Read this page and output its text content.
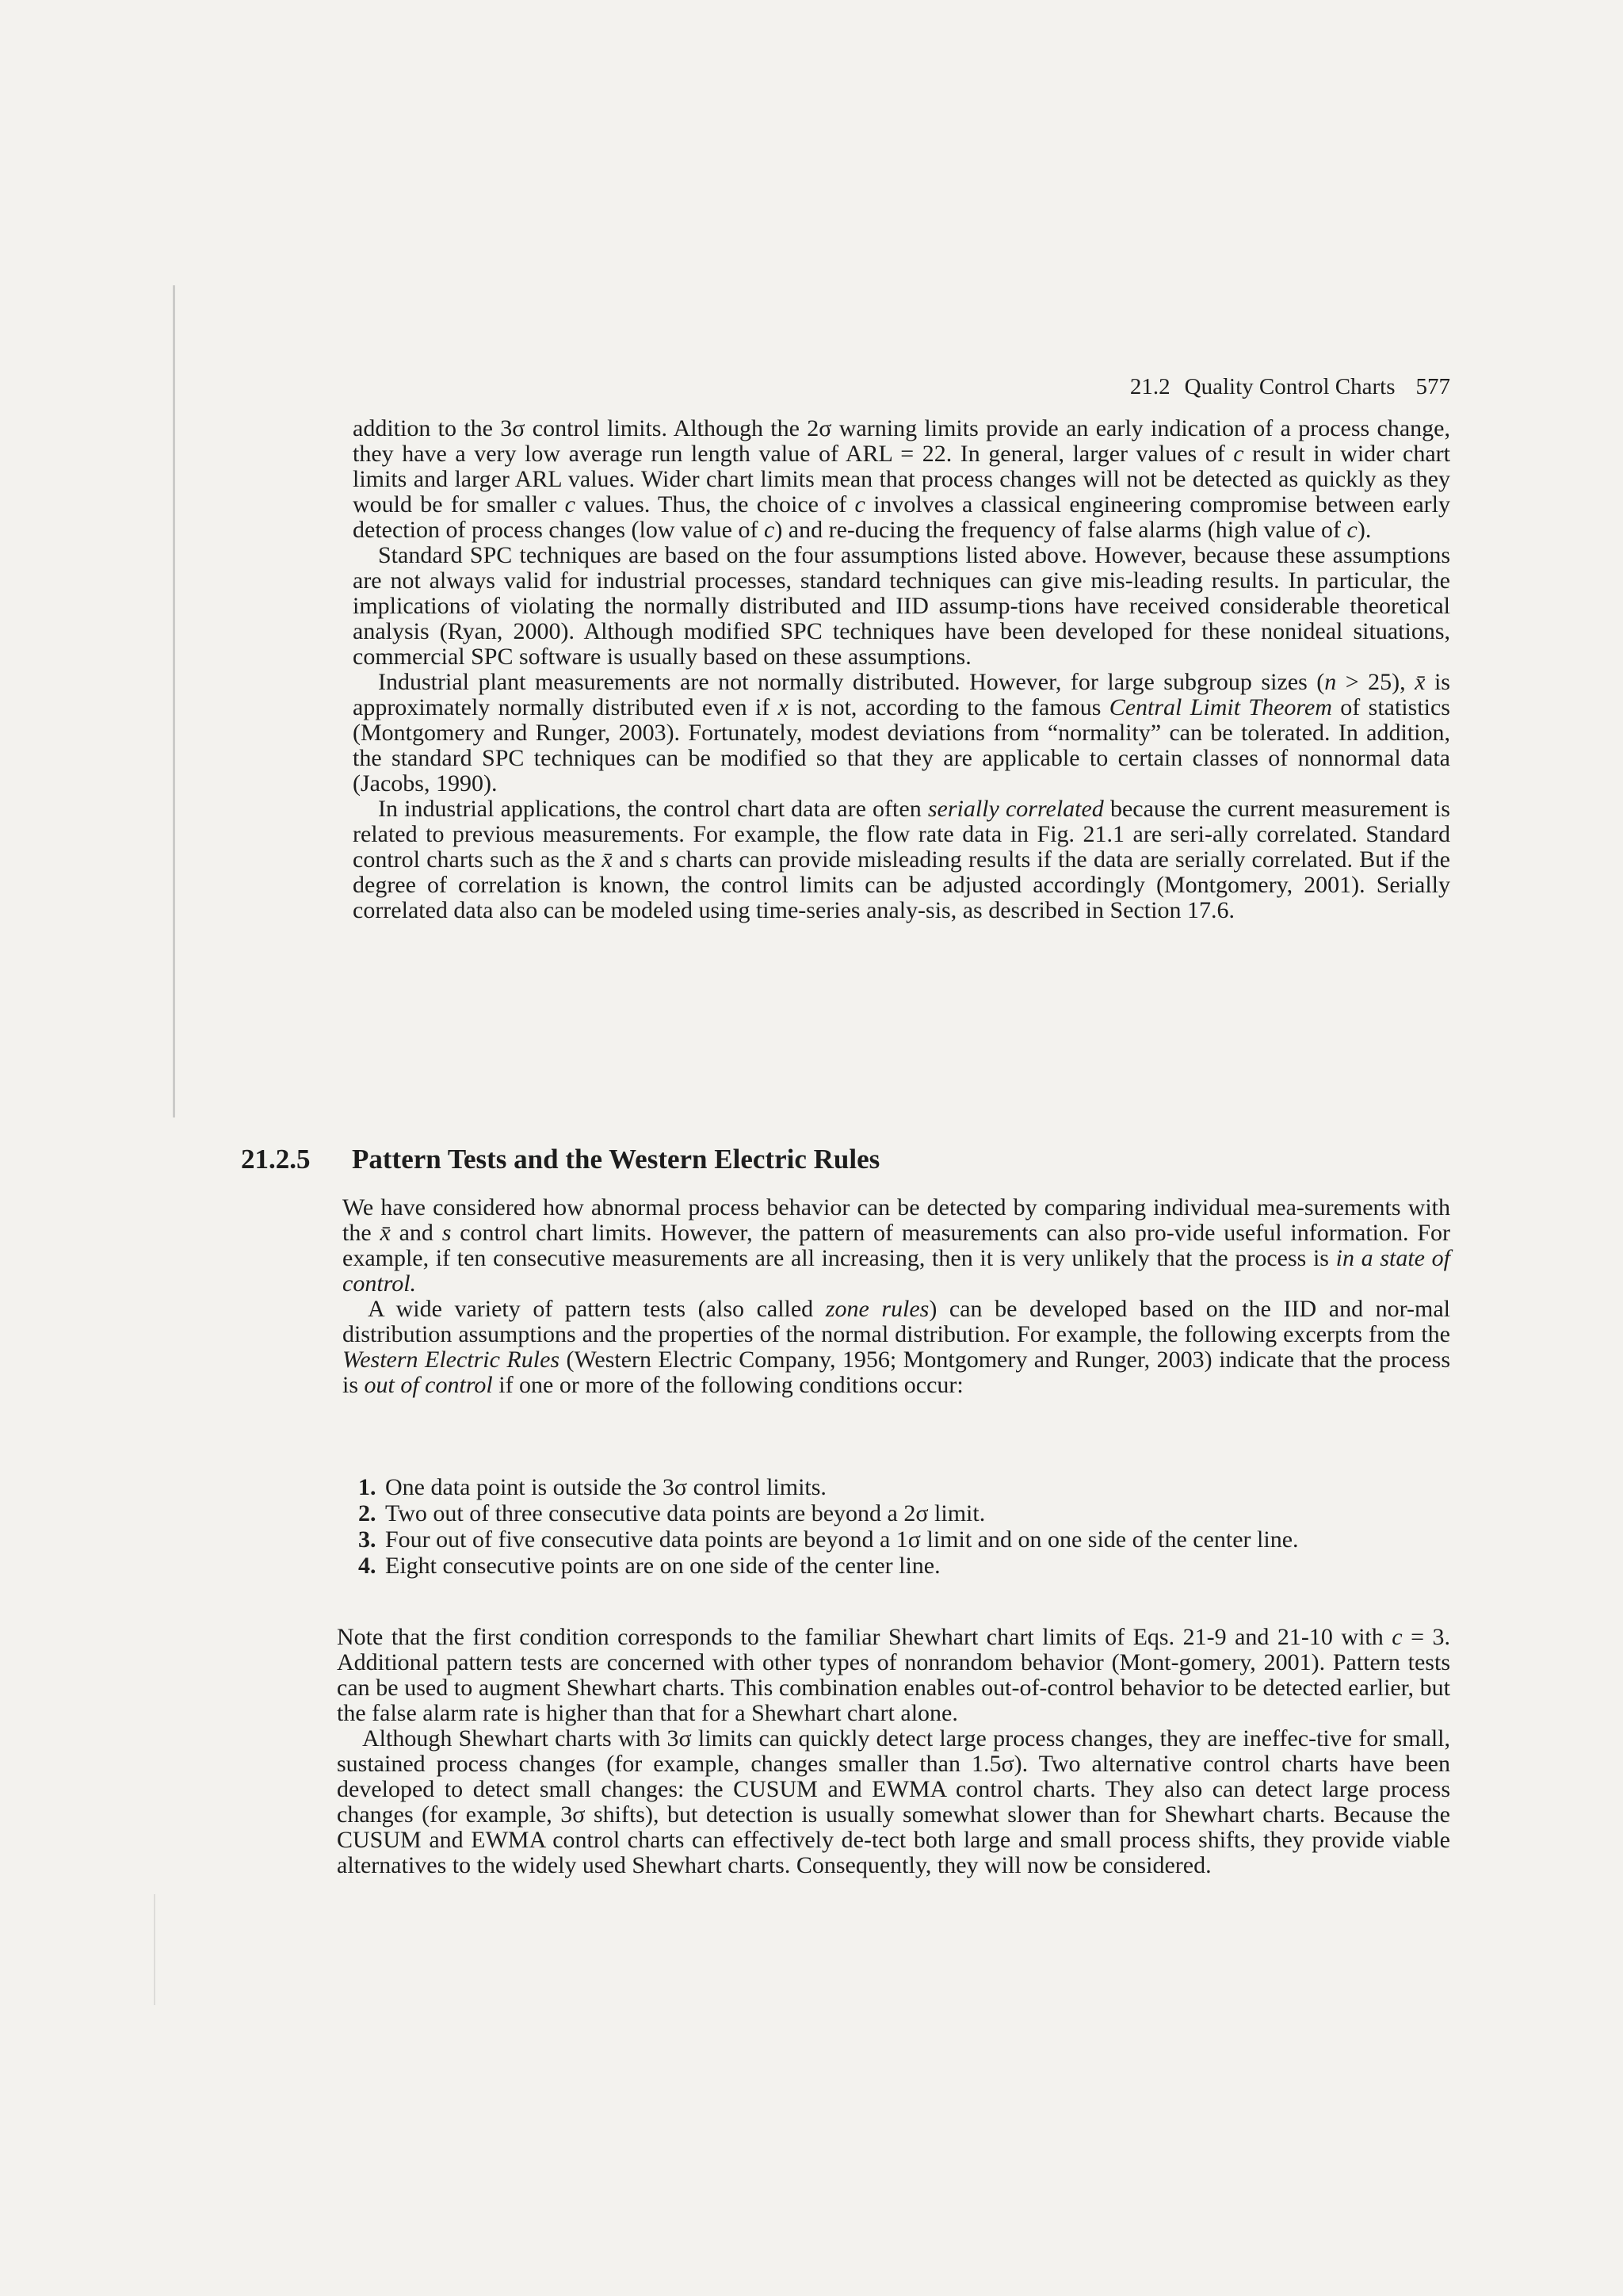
21.2 Quality Control Charts 577

addition to the 3σ control limits. Although the 2σ warning limits provide an early indication of a process change, they have a very low average run length value of ARL = 22. In general, larger values of c result in wider chart limits and larger ARL values. Wider chart limits mean that process changes will not be detected as quickly as they would be for smaller c values. Thus, the choice of c involves a classical engineering compromise between early detection of process changes (low value of c) and re-ducing the frequency of false alarms (high value of c).

Standard SPC techniques are based on the four assumptions listed above. However, because these assumptions are not always valid for industrial processes, standard techniques can give mis-leading results. In particular, the implications of violating the normally distributed and IID assump-tions have received considerable theoretical analysis (Ryan, 2000). Although modified SPC techniques have been developed for these nonideal situations, commercial SPC software is usually based on these assumptions.

Industrial plant measurements are not normally distributed. However, for large subgroup sizes (n > 25), x̄ is approximately normally distributed even if x is not, according to the famous Central Limit Theorem of statistics (Montgomery and Runger, 2003). Fortunately, modest deviations from “normality” can be tolerated. In addition, the standard SPC techniques can be modified so that they are applicable to certain classes of nonnormal data (Jacobs, 1990).

In industrial applications, the control chart data are often serially correlated because the current measurement is related to previous measurements. For example, the flow rate data in Fig. 21.1 are seri-ally correlated. Standard control charts such as the x̄ and s charts can provide misleading results if the data are serially correlated. But if the degree of correlation is known, the control limits can be adjusted accordingly (Montgomery, 2001). Serially correlated data also can be modeled using time-series analy-sis, as described in Section 17.6.

21.2.5 Pattern Tests and the Western Electric Rules

We have considered how abnormal process behavior can be detected by comparing individual mea-surements with the x̄ and s control chart limits. However, the pattern of measurements can also pro-vide useful information. For example, if ten consecutive measurements are all increasing, then it is very unlikely that the process is in a state of control.

A wide variety of pattern tests (also called zone rules) can be developed based on the IID and nor-mal distribution assumptions and the properties of the normal distribution. For example, the following excerpts from the Western Electric Rules (Western Electric Company, 1956; Montgomery and Runger, 2003) indicate that the process is out of control if one or more of the following conditions occur:

1. One data point is outside the 3σ control limits.
2. Two out of three consecutive data points are beyond a 2σ limit.
3. Four out of five consecutive data points are beyond a 1σ limit and on one side of the center line.
4. Eight consecutive points are on one side of the center line.

Note that the first condition corresponds to the familiar Shewhart chart limits of Eqs. 21-9 and 21-10 with c = 3. Additional pattern tests are concerned with other types of nonrandom behavior (Mont-gomery, 2001). Pattern tests can be used to augment Shewhart charts. This combination enables out-of-control behavior to be detected earlier, but the false alarm rate is higher than that for a Shewhart chart alone.

Although Shewhart charts with 3σ limits can quickly detect large process changes, they are ineffec-tive for small, sustained process changes (for example, changes smaller than 1.5σ). Two alternative control charts have been developed to detect small changes: the CUSUM and EWMA control charts. They also can detect large process changes (for example, 3σ shifts), but detection is usually somewhat slower than for Shewhart charts. Because the CUSUM and EWMA control charts can effectively de-tect both large and small process shifts, they provide viable alternatives to the widely used Shewhart charts. Consequently, they will now be considered.
